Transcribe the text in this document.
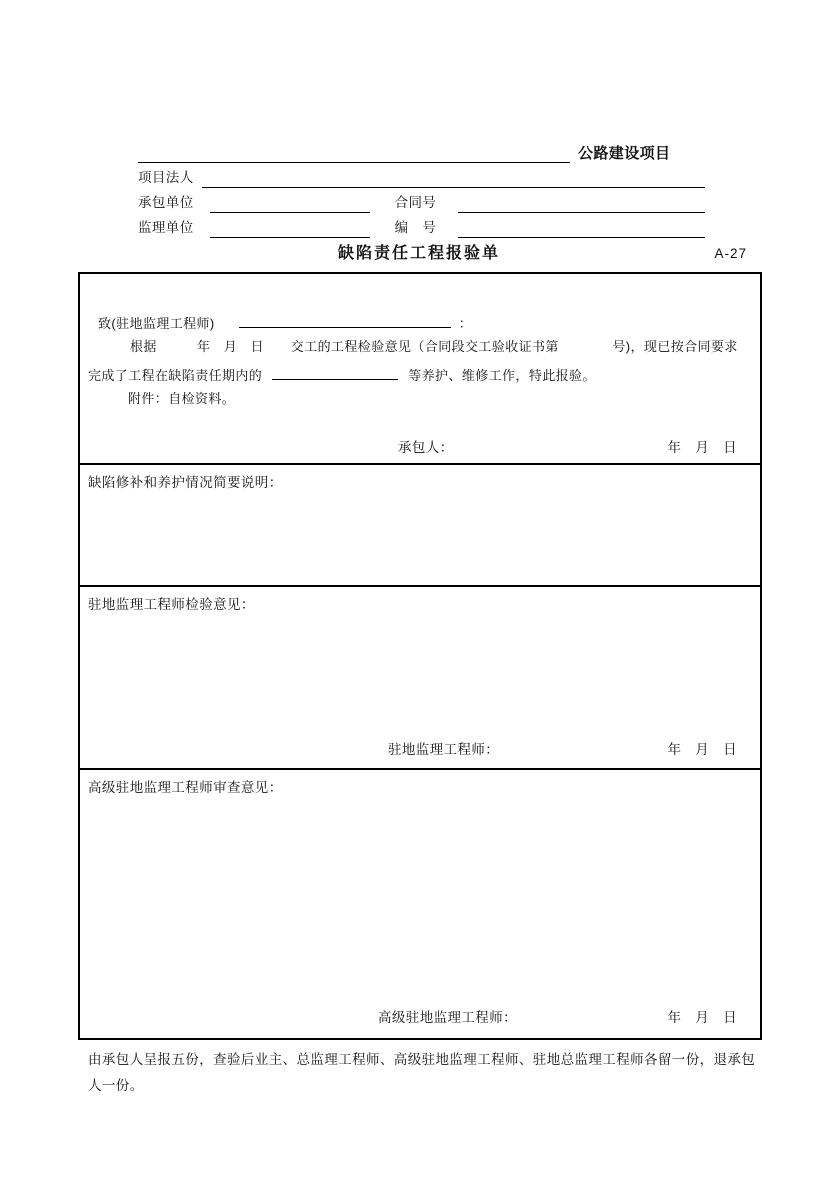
公路建设项目
项目法人
承包单位	合同号
监理单位	编　号
缺陷责任工程报验单	A-27
致(驻地监理工程师)	：
根据　　　年　月　日　　交工的工程检验意见（合同段交工验收证书第　　　　号)，现已按合同要求
完成了工程在缺陷责任期内的	等养护、维修工作，特此报验。
附件：自检资料。
承包人：	年　月　日
缺陷修补和养护情况简要说明：
驻地监理工程师检验意见：
驻地监理工程师：	年　月　日
高级驻地监理工程师审查意见：
高级驻地监理工程师：	年　月　日
由承包人呈报五份，查验后业主、总监理工程师、高级驻地监理工程师、驻地总监理工程师各留一份，退承包人一份。
